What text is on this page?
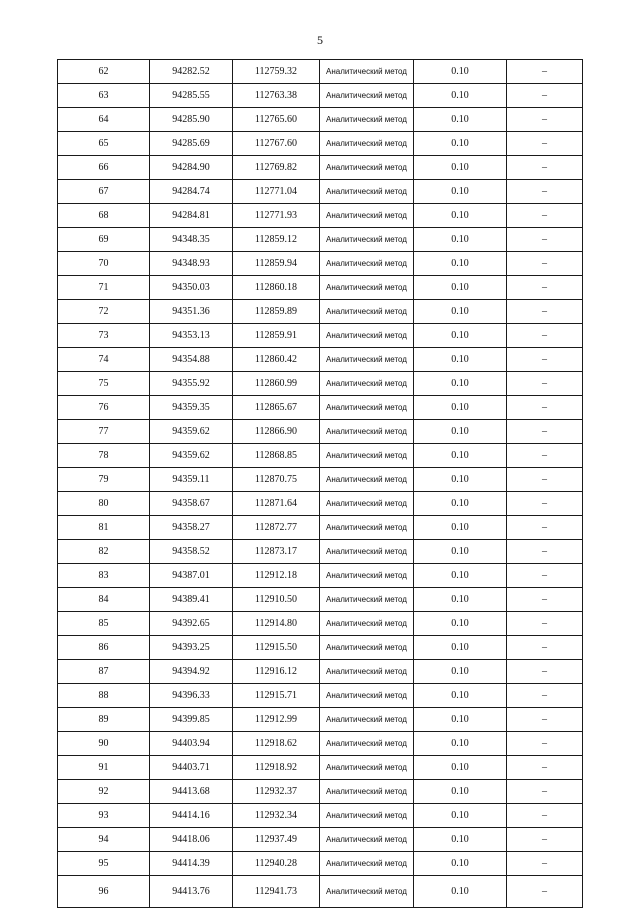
5
62	94282.52	112759.32	Аналитический метод	0.10	–
63	94285.55	112763.38	Аналитический метод	0.10	–
64	94285.90	112765.60	Аналитический метод	0.10	–
65	94285.69	112767.60	Аналитический метод	0.10	–
66	94284.90	112769.82	Аналитический метод	0.10	–
67	94284.74	112771.04	Аналитический метод	0.10	–
68	94284.81	112771.93	Аналитический метод	0.10	–
69	94348.35	112859.12	Аналитический метод	0.10	–
70	94348.93	112859.94	Аналитический метод	0.10	–
71	94350.03	112860.18	Аналитический метод	0.10	–
72	94351.36	112859.89	Аналитический метод	0.10	–
73	94353.13	112859.91	Аналитический метод	0.10	–
74	94354.88	112860.42	Аналитический метод	0.10	–
75	94355.92	112860.99	Аналитический метод	0.10	–
76	94359.35	112865.67	Аналитический метод	0.10	–
77	94359.62	112866.90	Аналитический метод	0.10	–
78	94359.62	112868.85	Аналитический метод	0.10	–
79	94359.11	112870.75	Аналитический метод	0.10	–
80	94358.67	112871.64	Аналитический метод	0.10	–
81	94358.27	112872.77	Аналитический метод	0.10	–
82	94358.52	112873.17	Аналитический метод	0.10	–
83	94387.01	112912.18	Аналитический метод	0.10	–
84	94389.41	112910.50	Аналитический метод	0.10	–
85	94392.65	112914.80	Аналитический метод	0.10	–
86	94393.25	112915.50	Аналитический метод	0.10	–
87	94394.92	112916.12	Аналитический метод	0.10	–
88	94396.33	112915.71	Аналитический метод	0.10	–
89	94399.85	112912.99	Аналитический метод	0.10	–
90	94403.94	112918.62	Аналитический метод	0.10	–
91	94403.71	112918.92	Аналитический метод	0.10	–
92	94413.68	112932.37	Аналитический метод	0.10	–
93	94414.16	112932.34	Аналитический метод	0.10	–
94	94418.06	112937.49	Аналитический метод	0.10	–
95	94414.39	112940.28	Аналитический метод	0.10	–
96	94413.76	112941.73	Аналитический метод	0.10	–
